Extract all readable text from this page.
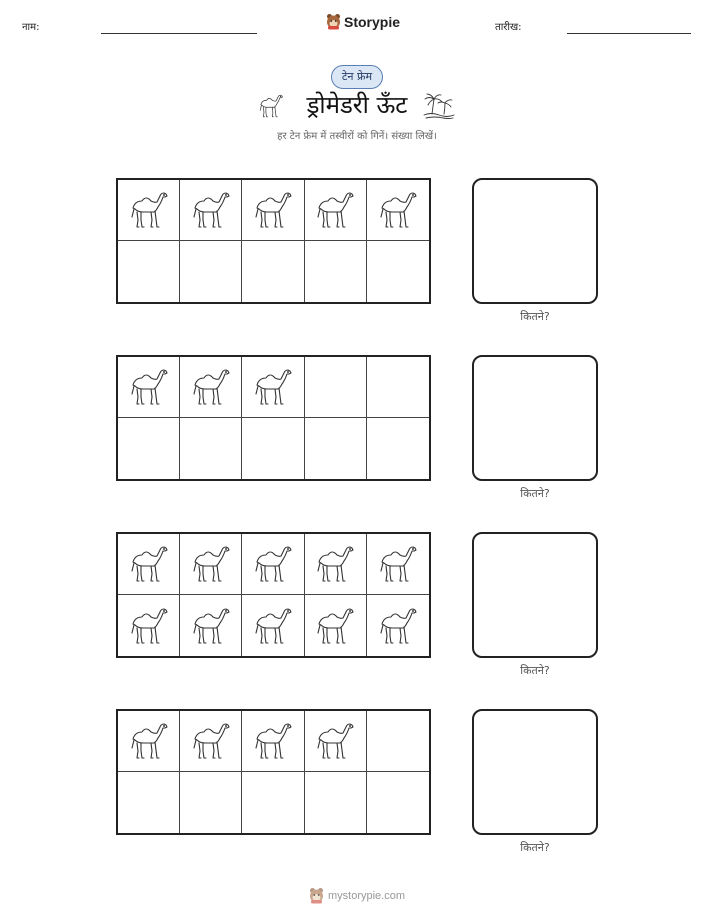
नाम:	Storypie	तारीख:
टेन फ्रेम
ड्रोमेडरी ऊँट
हर टेन फ्रेम में तस्वीरों को गिनें। संख्या लिखें।
कितने?
कितने?
कितने?
कितने?
mystorypie.com
